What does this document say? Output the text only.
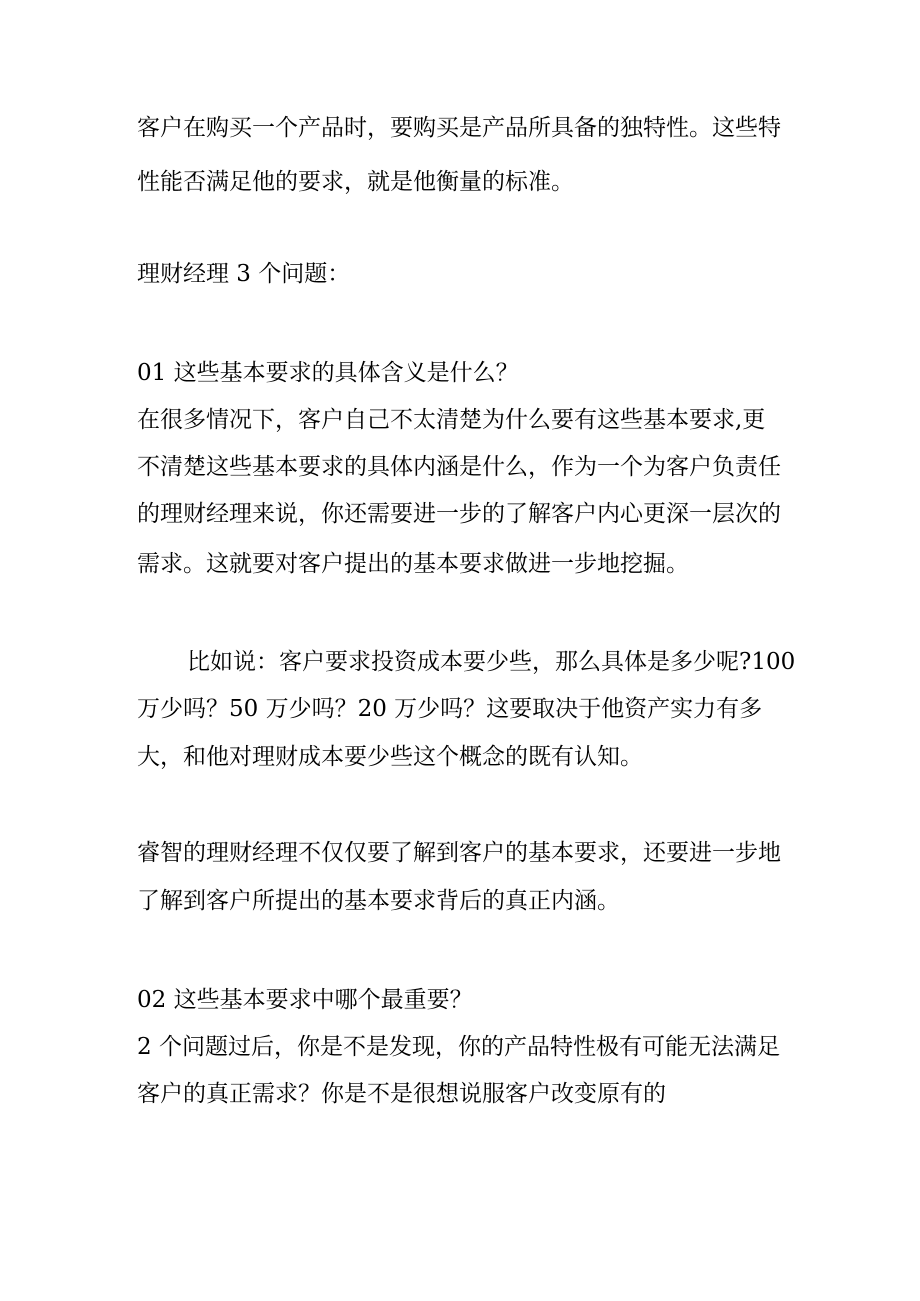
客户在购买一个产品时，要购买是产品所具备的独特性。这些特

性能否满足他的要求，就是他衡量的标准。

理财经理 3 个问题：

01 这些基本要求的具体含义是什么？

在很多情况下，客户自己不太清楚为什么要有这些基本要求,更

不清楚这些基本要求的具体内涵是什么，作为一个为客户负责任

的理财经理来说，你还需要进一步的了解客户内心更深一层次的

需求。这就要对客户提出的基本要求做进一步地挖掘。

比如说：客户要求投资成本要少些，那么具体是多少呢?100

万少吗？50 万少吗？20 万少吗？这要取决于他资产实力有多

大，和他对理财成本要少些这个概念的既有认知。

睿智的理财经理不仅仅要了解到客户的基本要求，还要进一步地

了解到客户所提出的基本要求背后的真正内涵。

02 这些基本要求中哪个最重要？

2 个问题过后，你是不是发现，你的产品特性极有可能无法满足

客户的真正需求？你是不是很想说服客户改变原有的
